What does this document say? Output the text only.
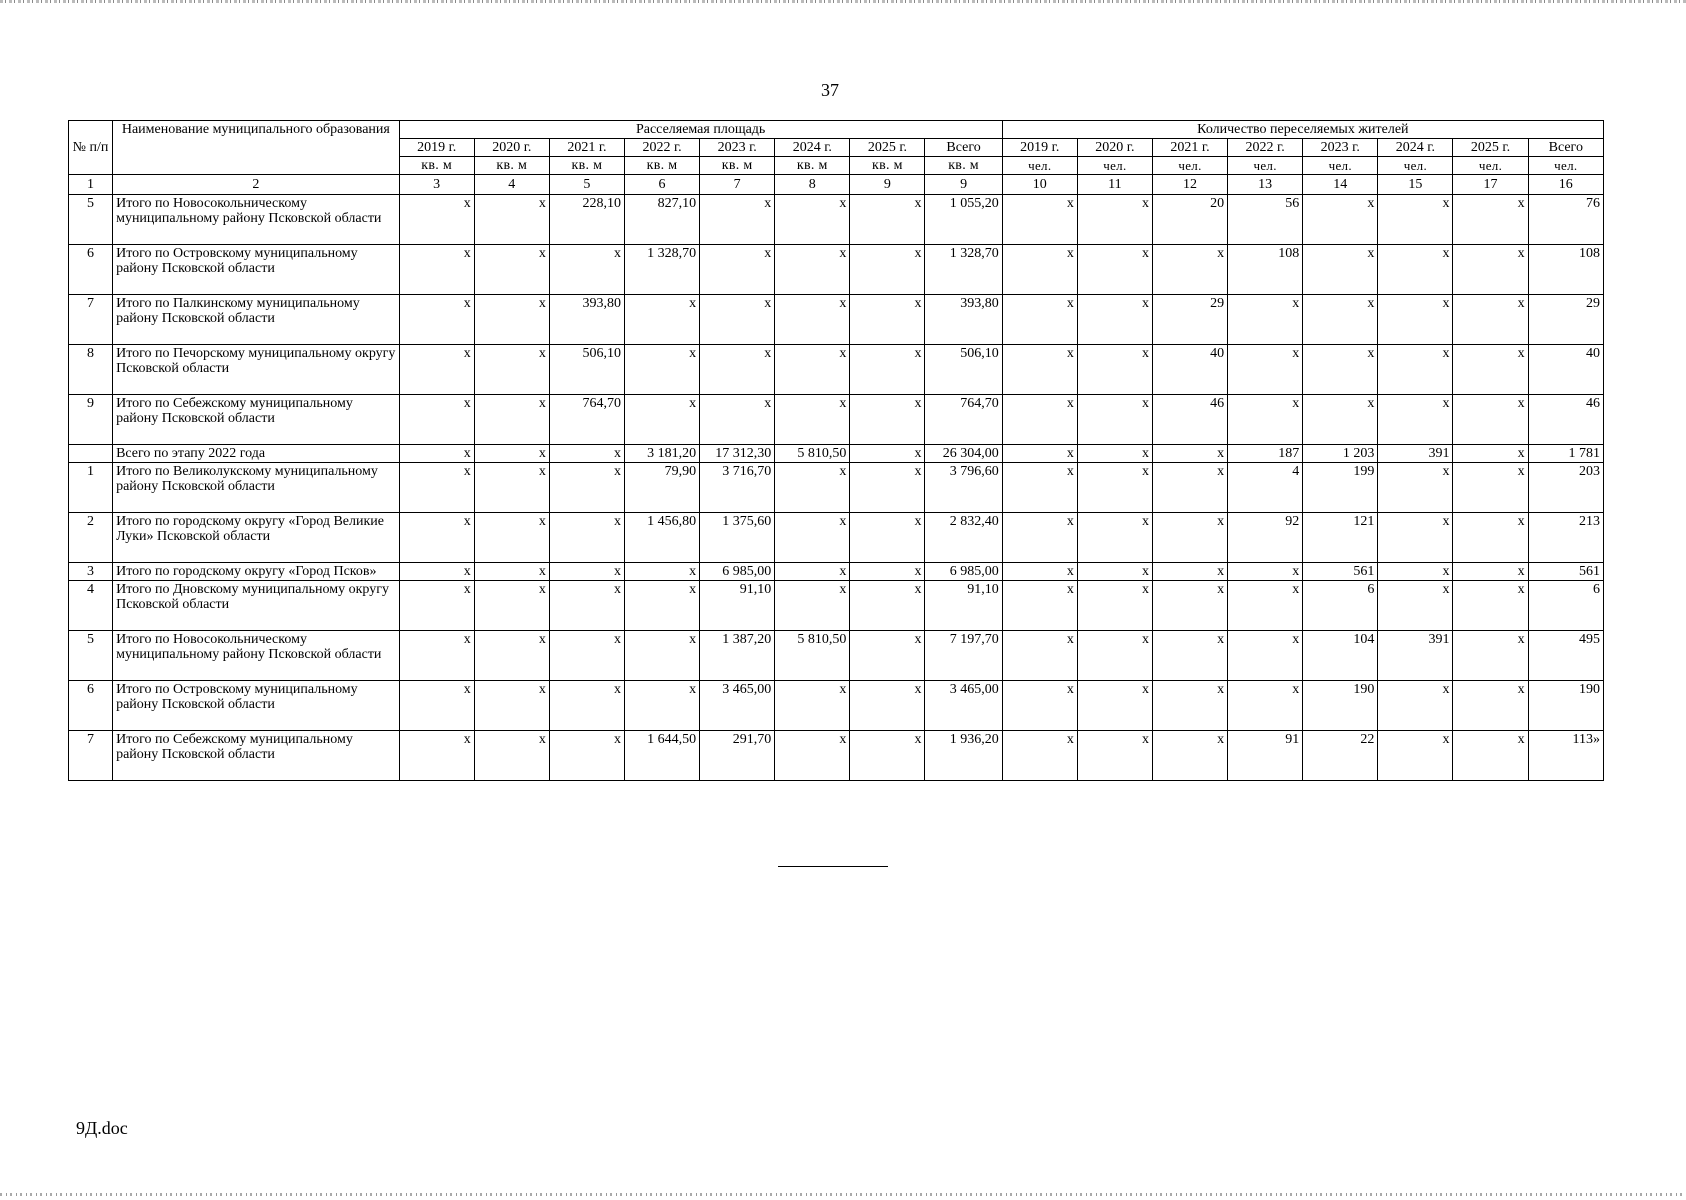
37
№ п/п	Наименование муниципального образования	Расселяемая площадь								Количество переселяемых жителей							
		2019 г.	2020 г.	2021 г.	2022 г.	2023 г.	2024 г.	2025 г.	Всего	2019 г.	2020 г.	2021 г.	2022 г.	2023 г.	2024 г.	2025 г.	Всего
		кв. м	кв. м	кв. м	кв. м	кв. м	кв. м	кв. м	кв. м	чел.	чел.	чел.	чел.	чел.	чел.	чел.	чел.
1	2	3	4	5	6	7	8	9	9	10	11	12	13	14	15	17	16
5	Итого по Новосокольническому муниципальному району Псковской области	x	x	228,10	827,10	x	x	x	1 055,20	x	x	20	56	x	x	x	76
6	Итого по Островскому муниципальному району Псковской области	x	x	x	1 328,70	x	x	x	1 328,70	x	x	x	108	x	x	x	108
7	Итого по Палкинскому муниципальному району Псковской области	x	x	393,80	x	x	x	x	393,80	x	x	29	x	x	x	x	29
8	Итого по Печорскому муниципальному округу Псковской области	x	x	506,10	x	x	x	x	506,10	x	x	40	x	x	x	x	40
9	Итого по Себежскому муниципальному району Псковской области	x	x	764,70	x	x	x	x	764,70	x	x	46	x	x	x	x	46
	Всего по этапу 2022 года	x	x	x	3 181,20	17 312,30	5 810,50	x	26 304,00	x	x	x	187	1 203	391	x	1 781
1	Итого по Великолукскому муниципальному району Псковской области	x	x	x	79,90	3 716,70	x	x	3 796,60	x	x	x	4	199	x	x	203
2	Итого по городскому округу «Город Великие Луки» Псковской области	x	x	x	1 456,80	1 375,60	x	x	2 832,40	x	x	x	92	121	x	x	213
3	Итого по городскому округу «Город Псков»	x	x	x	x	6 985,00	x	x	6 985,00	x	x	x	x	561	x	x	561
4	Итого по Дновскому муниципальному округу Псковской области	x	x	x	x	91,10	x	x	91,10	x	x	x	x	6	x	x	6
5	Итого по Новосокольническому муниципальному району Псковской области	x	x	x	x	1 387,20	5 810,50	x	7 197,70	x	x	x	x	104	391	x	495
6	Итого по Островскому муниципальному району Псковской области	x	x	x	x	3 465,00	x	x	3 465,00	x	x	x	x	190	x	x	190
7	Итого по Себежскому муниципальному району Псковской области	x	x	x	1 644,50	291,70	x	x	1 936,20	x	x	x	91	22	x	x	113»
9Д.doc
